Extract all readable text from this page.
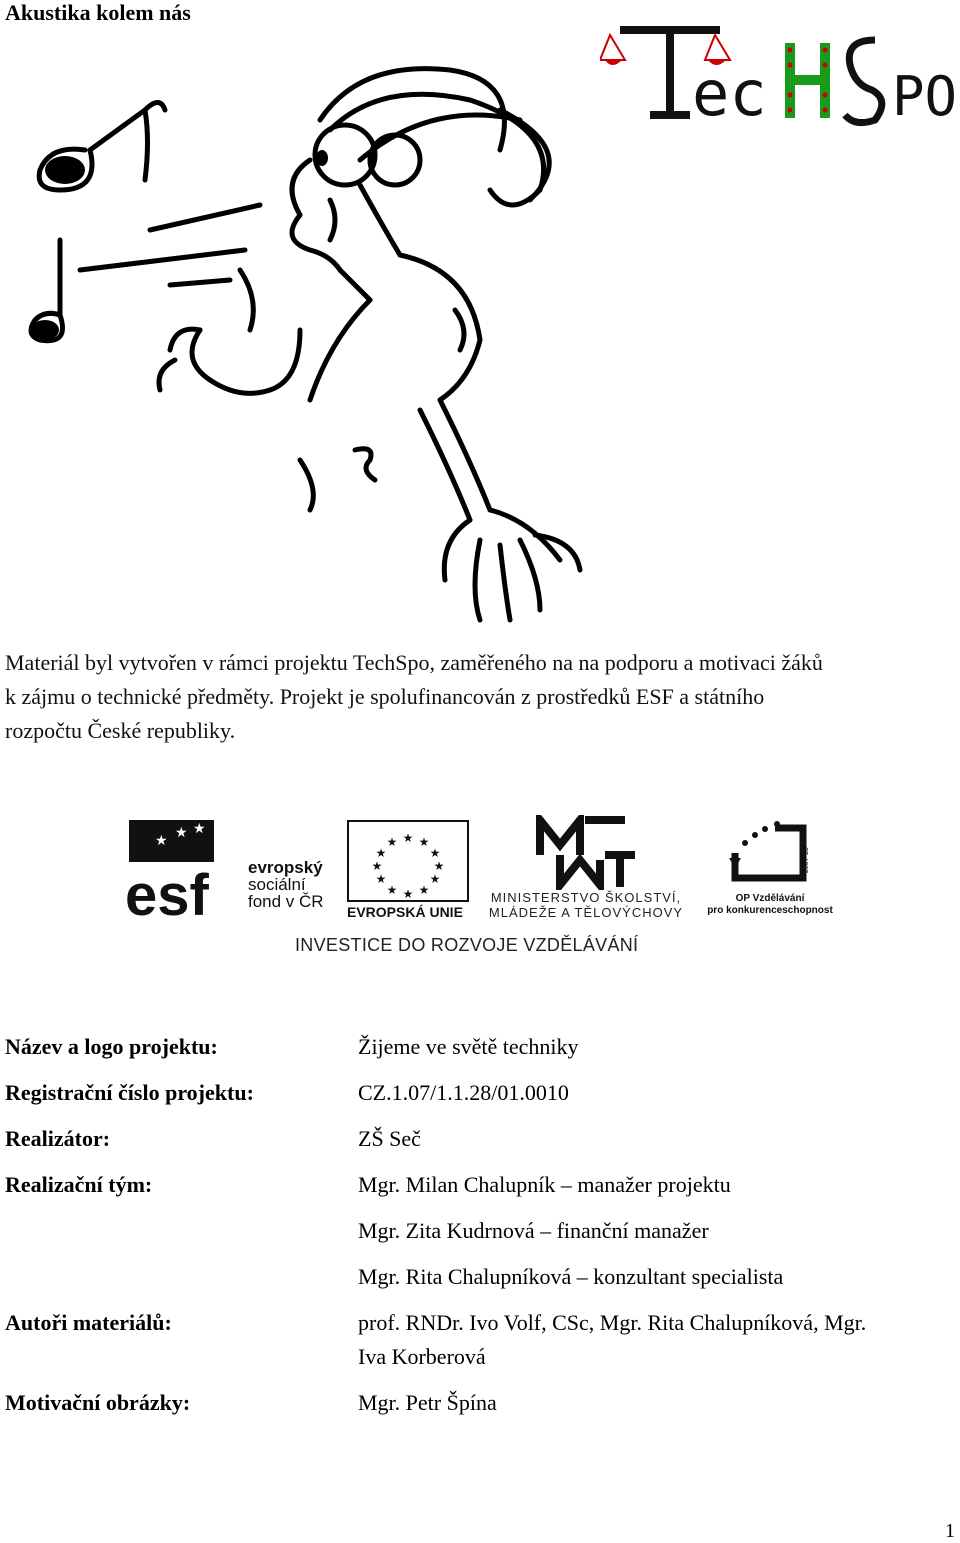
Akustika kolem nás
ec PO
Materiál byl vytvořen v rámci projektu TechSpo, zaměřeného na na podporu a motivaci žáků
k zájmu o technické předměty. Projekt je spolufinancován z prostředků ESF a státního
rozpočtu České republiky.
★ ★ ★
esf evropský
sociální
fond v ČR
★ ★
★
★
★
★
★
★
★
★
★
★
EVROPSKÁ UNIE
MINISTERSTVO ŠKOLSTVÍ,
MLÁDEŽE A TĚLOVÝCHOVY
2007-13
OP Vzdělávání
pro konkurenceschopnost
INVESTICE DO ROZVOJE VZDĚLÁVÁNÍ
Název a logo projektu:	Žijeme ve světě techniky
Registrační číslo projektu:	CZ.1.07/1.1.28/01.0010
Realizátor:	ZŠ Seč
Realizační tým:	Mgr. Milan Chalupník – manažer projektu
Mgr. Zita Kudrnová – finanční manažer
Mgr. Rita Chalupníková – konzultant specialista
Autoři materiálů:	prof. RNDr. Ivo Volf, CSc, Mgr. Rita Chalupníková, Mgr.
Iva Korberová
Motivační obrázky:	Mgr. Petr Špína
1
